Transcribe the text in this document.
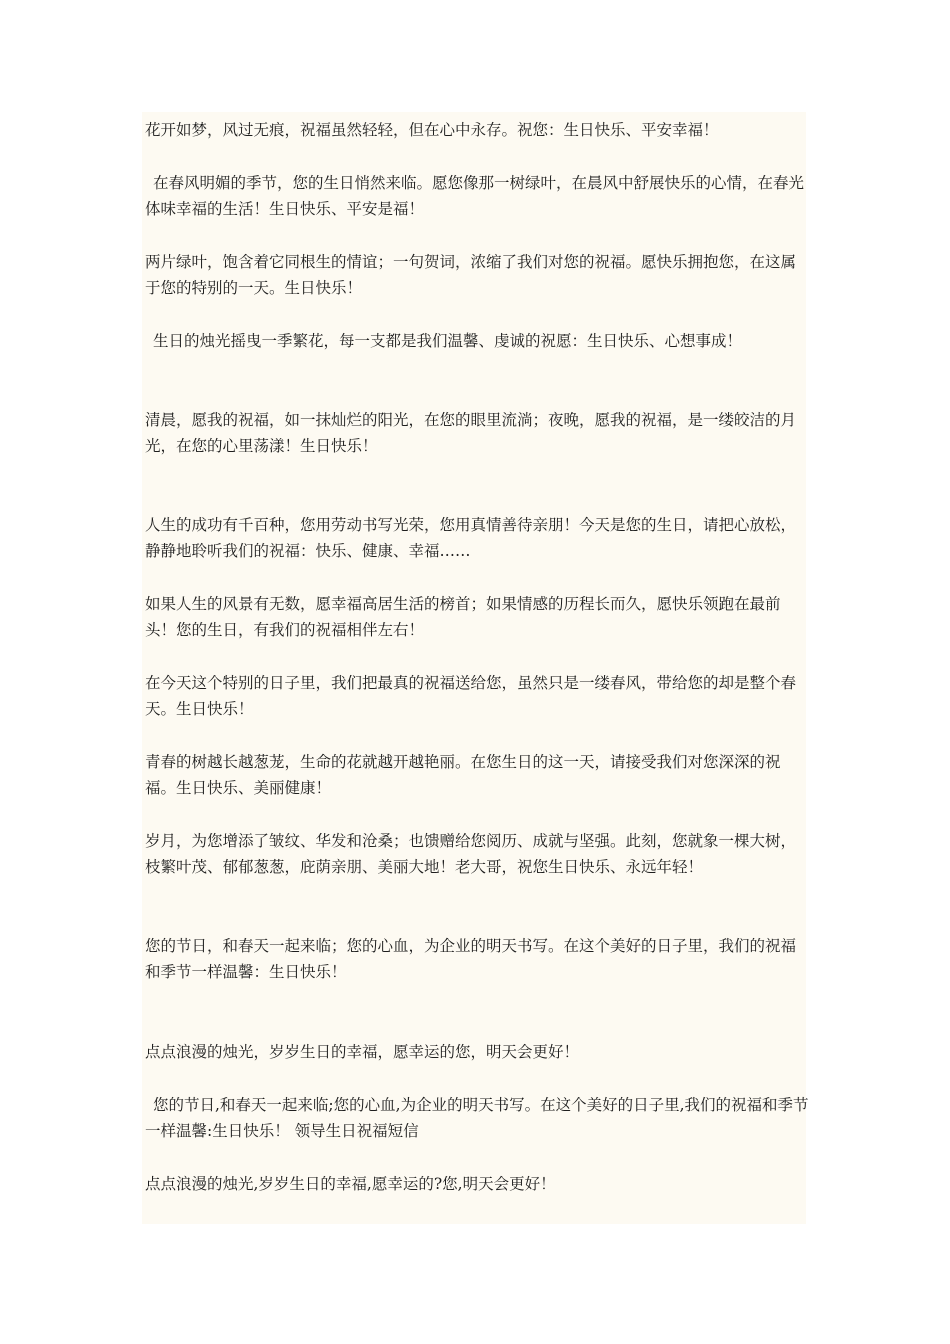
花开如梦，风过无痕，祝福虽然轻轻，但在心中永存。祝您：生日快乐、平安幸福！

在春风明媚的季节，您的生日悄然来临。愿您像那一树绿叶，在晨风中舒展快乐的心情，在春光体味幸福的生活！生日快乐、平安是福！

两片绿叶，饱含着它同根生的情谊；一句贺词，浓缩了我们对您的祝福。愿快乐拥抱您，在这属于您的特别的一天。生日快乐！

生日的烛光摇曳一季繁花，每一支都是我们温馨、虔诚的祝愿：生日快乐、心想事成！

清晨，愿我的祝福，如一抹灿烂的阳光，在您的眼里流淌；夜晚，愿我的祝福，是一缕皎洁的月光，在您的心里荡漾！生日快乐！

人生的成功有千百种，您用劳动书写光荣，您用真情善待亲朋！今天是您的生日，请把心放松，静静地聆听我们的祝福：快乐、健康、幸福……

如果人生的风景有无数，愿幸福高居生活的榜首；如果情感的历程长而久，愿快乐领跑在最前头！您的生日，有我们的祝福相伴左右！

在今天这个特别的日子里，我们把最真的祝福送给您，虽然只是一缕春风，带给您的却是整个春天。生日快乐！

青春的树越长越葱茏，生命的花就越开越艳丽。在您生日的这一天，请接受我们对您深深的祝福。生日快乐、美丽健康！

岁月，为您增添了皱纹、华发和沧桑；也馈赠给您阅历、成就与坚强。此刻，您就象一棵大树，枝繁叶茂、郁郁葱葱，庇荫亲朋、美丽大地！老大哥，祝您生日快乐、永远年轻！

您的节日，和春天一起来临；您的心血，为企业的明天书写。在这个美好的日子里，我们的祝福和季节一样温馨：生日快乐！

点点浪漫的烛光，岁岁生日的幸福，愿幸运的您，明天会更好！

您的节日,和春天一起来临;您的心血,为企业的明天书写。在这个美好的日子里,我们的祝福和季节一样温馨:生日快乐！ 领导生日祝福短信

点点浪漫的烛光,岁岁生日的幸福,愿幸运的?您,明天会更好！
